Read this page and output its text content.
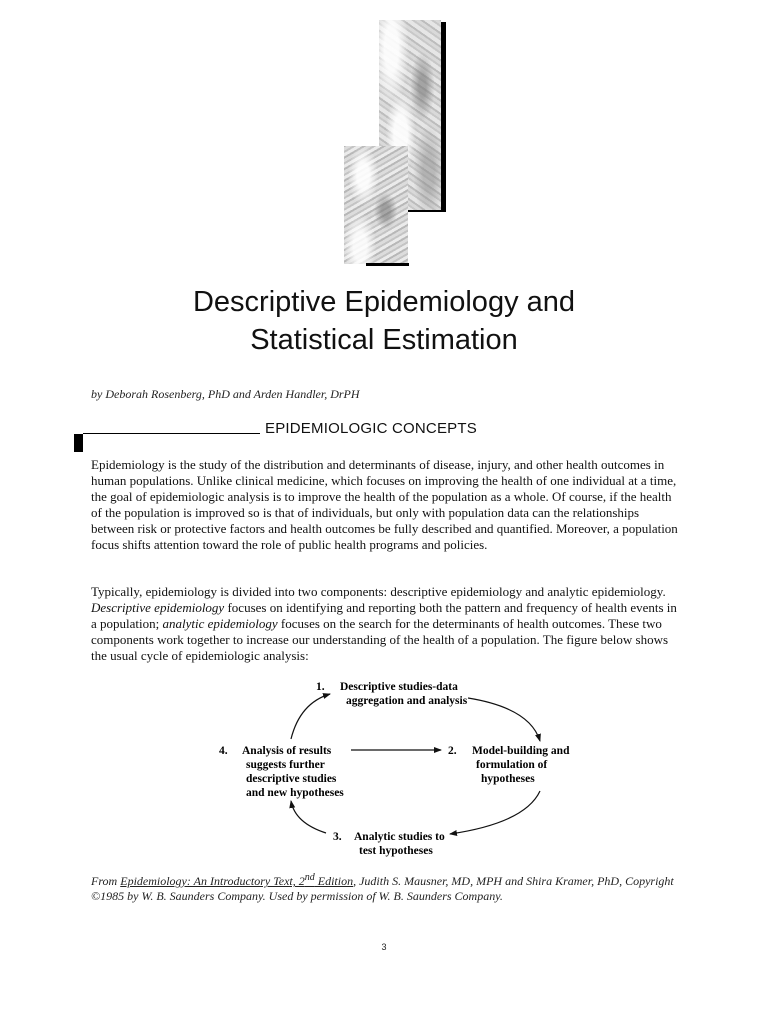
Descriptive Epidemiology and
Statistical Estimation
by Deborah Rosenberg, PhD and Arden Handler, DrPH
EPIDEMIOLOGIC CONCEPTS
Epidemiology is the study of the distribution and determinants of disease, injury, and other health outcomes in human populations. Unlike clinical medicine, which focuses on improving the health of one individual at a time, the goal of epidemiologic analysis is to improve the health of the population as a whole. Of course, if the health of the population is improved so is that of individuals, but only with population data can the relationships between risk or protective factors and health outcomes be fully described and quantified. Moreover, a population focus shifts attention toward the role of public health programs and policies.
Typically, epidemiology is divided into two components: descriptive epidemiology and analytic epidemiology. Descriptive epidemiology focuses on identifying and reporting both the pattern and frequency of health events in a population; analytic epidemiology focuses on the search for the determinants of health outcomes. These two components work together to increase our understanding of the health of a population. The figure below shows the usual cycle of epidemiologic analysis:
1. Descriptive studies-data
aggregation and analysis
2. Model-building and
formulation of
hypotheses
3. Analytic studies to
test hypotheses
4. Analysis of results
suggests further
descriptive studies
and new hypotheses
From Epidemiology: An Introductory Text, 2nd Edition, Judith S. Mausner, MD, MPH and Shira Kramer, PhD, Copyright ©1985 by W. B. Saunders Company. Used by permission of W. B. Saunders Company.
3
